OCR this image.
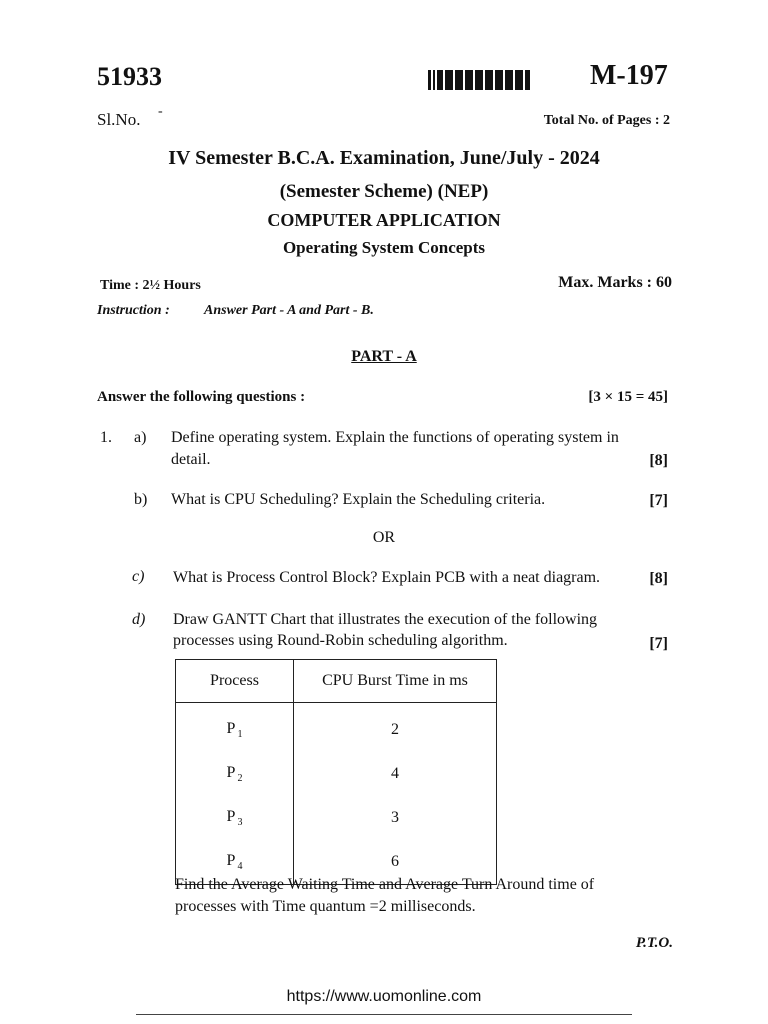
51933	M-197
Sl.No. -
Total No. of Pages : 2
IV Semester B.C.A. Examination, June/July - 2024
(Semester Scheme) (NEP)
COMPUTER APPLICATION
Operating System Concepts
Time : 2½ Hours	Max. Marks : 60
Instruction : Answer Part - A and Part - B.
PART - A
Answer the following questions :	[3 × 15 = 45]
1. a) Define operating system. Explain the functions of operating system in
detail.	[8]
b) What is CPU Scheduling? Explain the Scheduling criteria.	[7]
OR
c) What is Process Control Block? Explain PCB with a neat diagram.	[8]
d) Draw GANTT Chart that illustrates the execution of the following
processes using Round-Robin scheduling algorithm.	[7]
Process	CPU Burst Time in ms
P $_1$	2
P $_2$	4
P $_3$	3
P $_4$	6
Find the Average Waiting Time and Average Turn Around time of
processes with Time quantum =2 milliseconds.
P.T.O.
https://www.uomonline.com
